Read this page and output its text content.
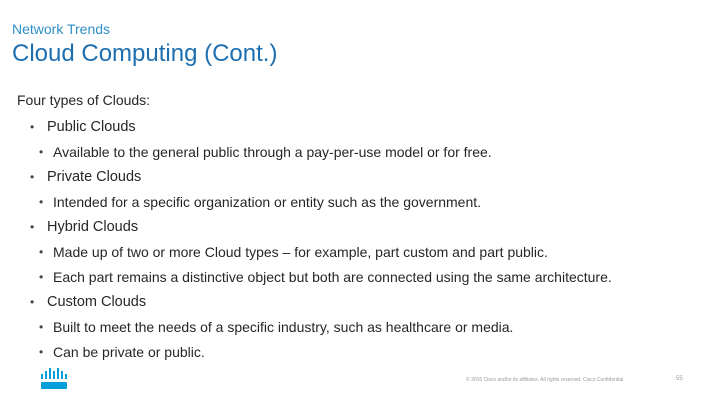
Network Trends
Cloud Computing (Cont.)
Four types of Clouds:
• Public Clouds
• Available to the general public through a pay-per-use model or for free.
• Private Clouds
• Intended for a specific organization or entity such as the government.
• Hybrid Clouds
• Made up of two or more Cloud types – for example, part custom and part public.
• Each part remains a distinctive object but both are connected using the same architecture.
• Custom Clouds
• Built to meet the needs of a specific industry, such as healthcare or media.
• Can be private or public.
© 2016 Cisco and/or its affiliates. All rights reserved. Cisco Confidential	55
